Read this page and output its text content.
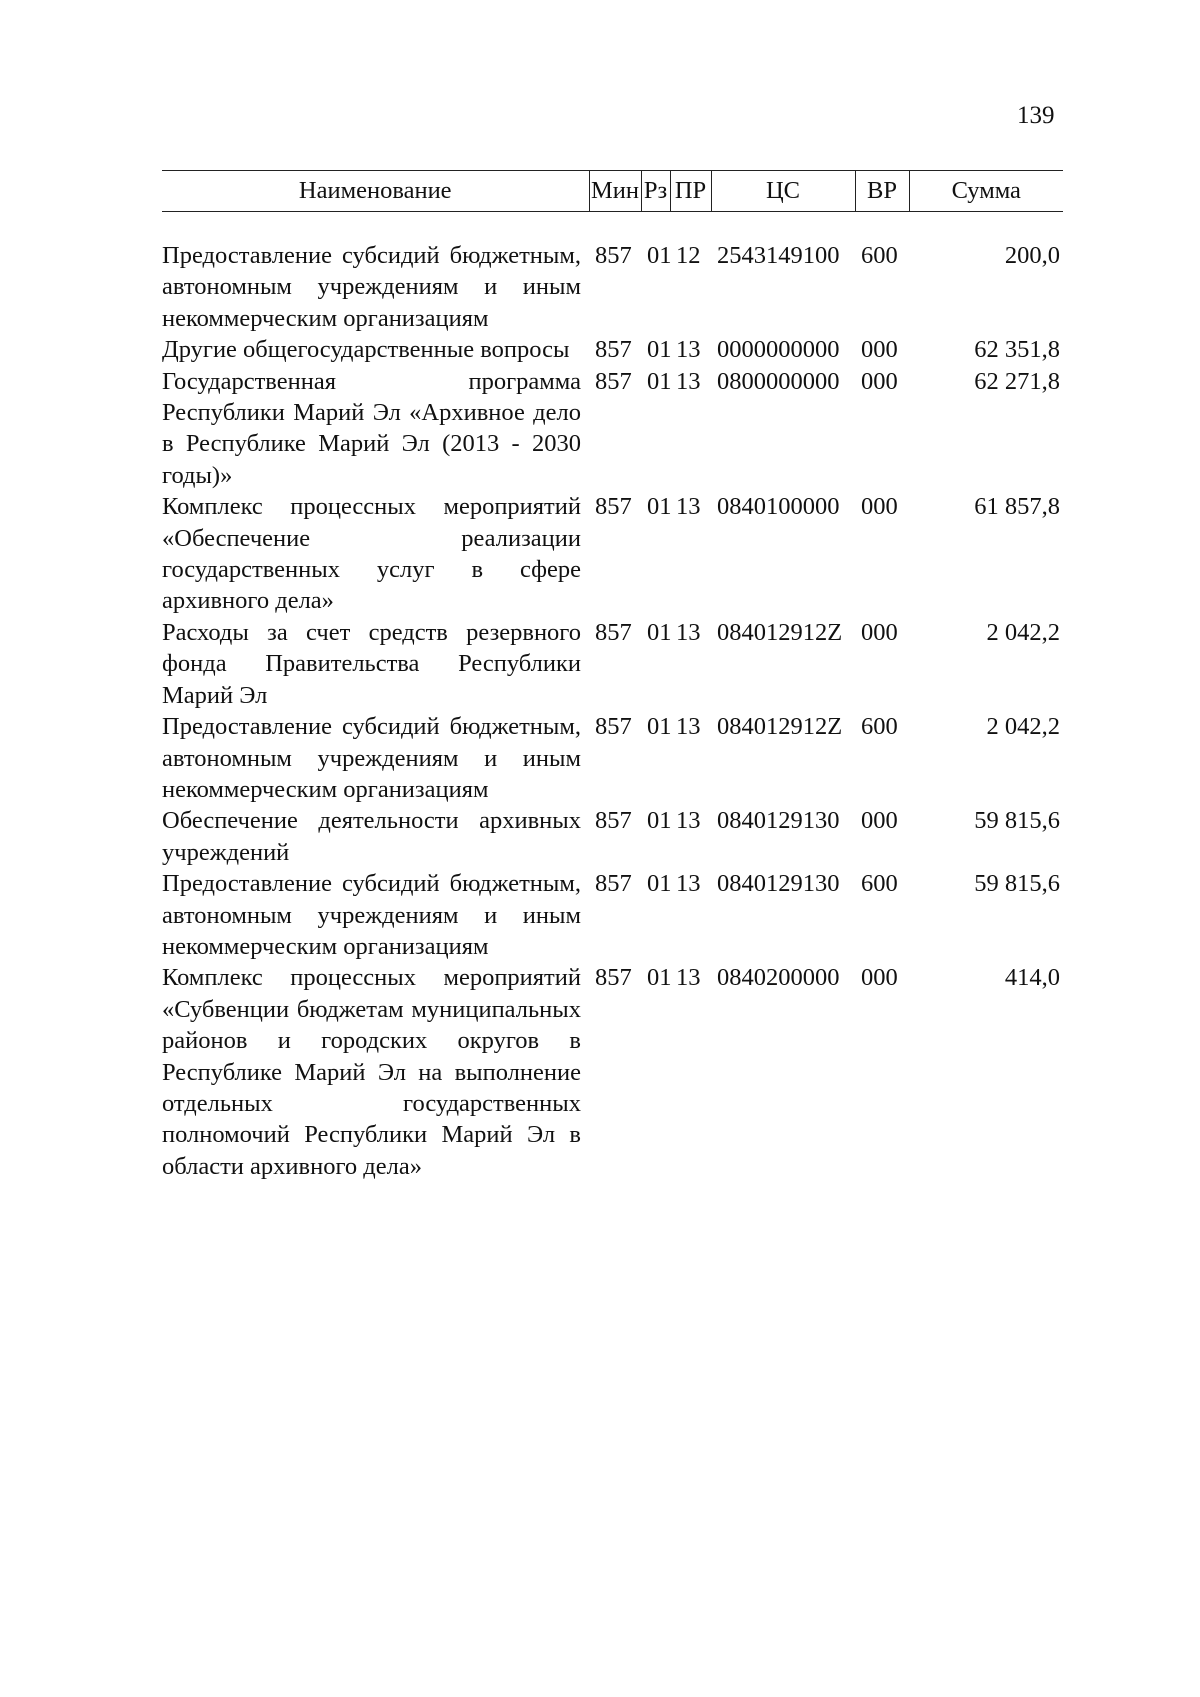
139
Наименование	Мин	Рз	ПР	ЦС	ВР	Сумма

Предоставление субсидий бюджетным, автономным учреждениям и иным некоммерческим организациям	857	01	12	2543149100	600	200,0
Другие общегосударственные вопросы	857	01	13	0000000000	000	62 351,8
Государственная программа Республики Марий Эл «Архивное дело в Республике Марий Эл (2013 - 2030 годы)»	857	01	13	0800000000	000	62 271,8
Комплекс процессных мероприятий «Обеспечение реализации государственных услуг в сфере архивного дела»	857	01	13	0840100000	000	61 857,8
Расходы за счет средств резервного фонда Правительства Республики Марий Эл	857	01	13	084012912Z	000	2 042,2
Предоставление субсидий бюджетным, автономным учреждениям и иным некоммерческим организациям	857	01	13	084012912Z	600	2 042,2
Обеспечение деятельности архивных учреждений	857	01	13	0840129130	000	59 815,6
Предоставление субсидий бюджетным, автономным учреждениям и иным некоммерческим организациям	857	01	13	0840129130	600	59 815,6
Комплекс процессных мероприятий «Субвенции бюджетам муниципальных районов и городских округов в Республике Марий Эл на выполнение отдельных государственных полномочий Республики Марий Эл в области архивного дела»	857	01	13	0840200000	000	414,0
